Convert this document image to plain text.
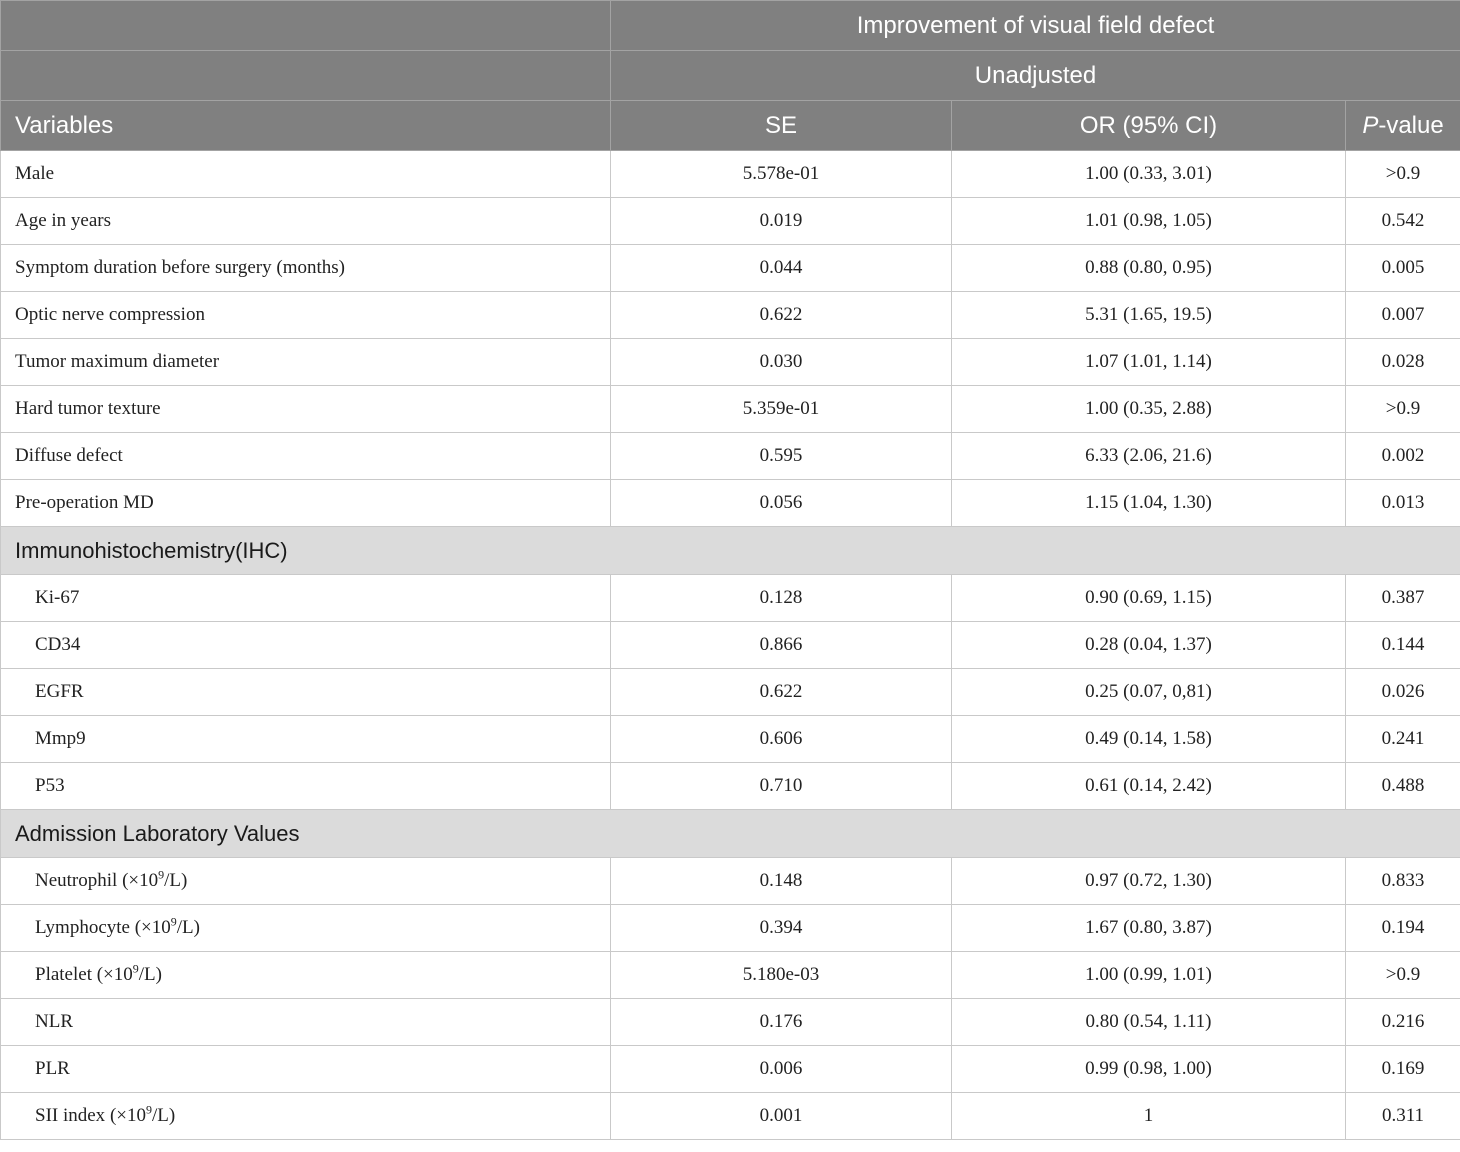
	Improvement of visual field defect		
	Unadjusted		
Variables	SE	OR (95% CI)	P-value
Male	5.578e-01	1.00 (0.33, 3.01)	>0.9
Age in years	0.019	1.01 (0.98, 1.05)	0.542
Symptom duration before surgery (months)	0.044	0.88 (0.80, 0.95)	0.005
Optic nerve compression	0.622	5.31 (1.65, 19.5)	0.007
Tumor maximum diameter	0.030	1.07 (1.01, 1.14)	0.028
Hard tumor texture	5.359e-01	1.00 (0.35, 2.88)	>0.9
Diffuse defect	0.595	6.33 (2.06, 21.6)	0.002
Pre-operation MD	0.056	1.15 (1.04, 1.30)	0.013
Immunohistochemistry(IHC)			
Ki-67	0.128	0.90 (0.69, 1.15)	0.387
CD34	0.866	0.28 (0.04, 1.37)	0.144
EGFR	0.622	0.25 (0.07, 0,81)	0.026
Mmp9	0.606	0.49 (0.14, 1.58)	0.241
P53	0.710	0.61 (0.14, 2.42)	0.488
Admission Laboratory Values			
Neutrophil $(\times 10^9/L)$	0.148	0.97 (0.72, 1.30)	0.833
Lymphocyte $(\times 10^9/L)$	0.394	1.67 (0.80, 3.87)	0.194
Platelet $(\times 10^9/L)$	5.180e-03	1.00 (0.99, 1.01)	>0.9
NLR	0.176	0.80 (0.54, 1.11)	0.216
PLR	0.006	0.99 (0.98, 1.00)	0.169
SII index $(\times 10^9/L)$	0.001	1	0.311
